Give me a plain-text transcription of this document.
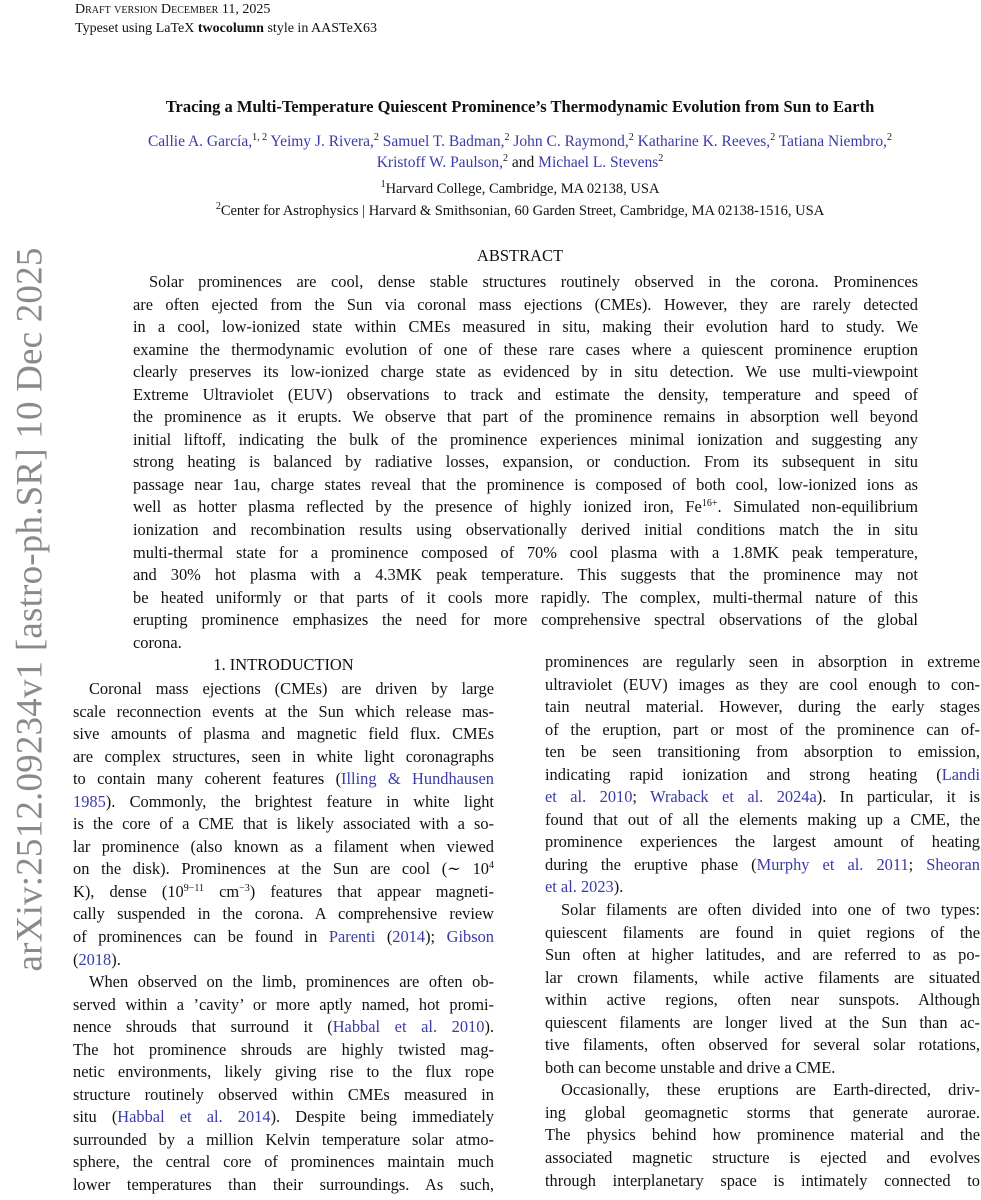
Draft version December 11, 2025
Typeset using LaTeX twocolumn style in AASTeX63
arXiv:2512.09234v1 [astro-ph.SR] 10 Dec 2025
Tracing a Multi-Temperature Quiescent Prominence’s Thermodynamic Evolution from Sun to Earth
Callie A. García,$^{1, 2}$ Yeimy J. Rivera,$^2$ Samuel T. Badman,$^2$ John C. Raymond,$^2$ Katharine K. Reeves,$^2$ Tatiana Niembro,$^2$
Kristoff W. Paulson,$^2$ and Michael L. Stevens$^2$
$^1$Harvard College, Cambridge, MA 02138, USA
$^2$Center for Astrophysics | Harvard & Smithsonian, 60 Garden Street, Cambridge, MA 02138-1516, USA
ABSTRACT
Solar prominences are cool, dense stable structures routinely observed in the corona. Prominences
are often ejected from the Sun via coronal mass ejections (CMEs). However, they are rarely detected
in a cool, low-ionized state within CMEs measured in situ, making their evolution hard to study. We
examine the thermodynamic evolution of one of these rare cases where a quiescent prominence eruption
clearly preserves its low-ionized charge state as evidenced by in situ detection. We use multi-viewpoint
Extreme Ultraviolet (EUV) observations to track and estimate the density, temperature and speed of
the prominence as it erupts. We observe that part of the prominence remains in absorption well beyond
initial liftoff, indicating the bulk of the prominence experiences minimal ionization and suggesting any
strong heating is balanced by radiative losses, expansion, or conduction. From its subsequent in situ
passage near 1au, charge states reveal that the prominence is composed of both cool, low-ionized ions as
well as hotter plasma reflected by the presence of highly ionized iron, $Fe^{16+}$. Simulated non-equilibrium
ionization and recombination results using observationally derived initial conditions match the in situ
multi-thermal state for a prominence composed of 70% cool plasma with a 1.8MK peak temperature,
and 30% hot plasma with a 4.3MK peak temperature. This suggests that the prominence may not
be heated uniformly or that parts of it cools more rapidly. The complex, multi-thermal nature of this
erupting prominence emphasizes the need for more comprehensive spectral observations of the global
corona.
1. INTRODUCTION
Coronal mass ejections (CMEs) are driven by large
scale reconnection events at the Sun which release mas-
sive amounts of plasma and magnetic field flux. CMEs
are complex structures, seen in white light coronagraphs
to contain many coherent features (Illing & Hundhausen
1985). Commonly, the brightest feature in white light
is the core of a CME that is likely associated with a so-
lar prominence (also known as a filament when viewed
on the disk). Prominences at the Sun are cool (∼ $10^4$
K), dense ($10^{9-11}$ $cm^{-3}$) features that appear magneti-
cally suspended in the corona. A comprehensive review
of prominences can be found in Parenti (2014); Gibson
(2018).
When observed on the limb, prominences are often ob-
served within a ’cavity’ or more aptly named, hot promi-
nence shrouds that surround it (Habbal et al. 2010).
The hot prominence shrouds are highly twisted mag-
netic environments, likely giving rise to the flux rope
structure routinely observed within CMEs measured in
situ (Habbal et al. 2014). Despite being immediately
surrounded by a million Kelvin temperature solar atmo-
sphere, the central core of prominences maintain much
lower temperatures than their surroundings. As such,
prominences are regularly seen in absorption in extreme
ultraviolet (EUV) images as they are cool enough to con-
tain neutral material. However, during the early stages
of the eruption, part or most of the prominence can of-
ten be seen transitioning from absorption to emission,
indicating rapid ionization and strong heating (Landi
et al. 2010; Wraback et al. 2024a). In particular, it is
found that out of all the elements making up a CME, the
prominence experiences the largest amount of heating
during the eruptive phase (Murphy et al. 2011; Sheoran
et al. 2023).
Solar filaments are often divided into one of two types:
quiescent filaments are found in quiet regions of the
Sun often at higher latitudes, and are referred to as po-
lar crown filaments, while active filaments are situated
within active regions, often near sunspots. Although
quiescent filaments are longer lived at the Sun than ac-
tive filaments, often observed for several solar rotations,
both can become unstable and drive a CME.
Occasionally, these eruptions are Earth-directed, driv-
ing global geomagnetic storms that generate aurorae.
The physics behind how prominence material and the
associated magnetic structure is ejected and evolves
through interplanetary space is intimately connected to
